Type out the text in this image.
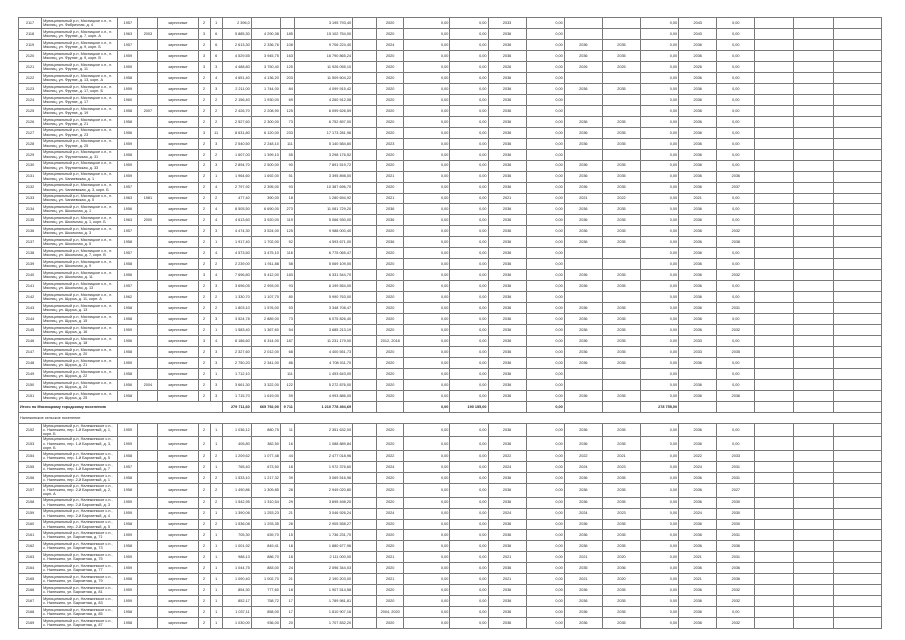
2117	Муниципальный р-н, Мясницкое с.п., п. Мясниц, ул. Фабричная, д. 4	1957		кирпичные	2	1	2 396,0			3 195 793,40		2020	0,00	0,00	2033	0,00			0,00	2043	0,00			
2118	Муниципальный р-н, Мясницкое с.п., п. Мясниц, ул. Фрунзе, д. 7, корп. А	1963	2003	кирпичные	3	6	5 885,30	4 290,38	185	15 102 754,00		2020	0,00	0,00	2036	0,00			0,00	2043	0,00			
2119	Муниципальный р-н, Мясницкое с.п., п. Мясниц, ул. Фрунзе, д. 9, корп. Б	1957		кирпичные	2	6	2 613,30	2 336,76	108	9 706 224,40		2024	0,00	0,00	2036	0,00	2036	2035	0,00	2036	0,00			
2120	Муниципальный р-н, Мясницкое с.п., п. Мясниц, ул. Фрунзе, д. 9, корп. В	1959		кирпичные	3	6	4 529,55	3 945,75	163	16 790 865,24		2020	0,00	0,00	2036	0,00	2036	2035	0,00	2036	0,00			
2121	Муниципальный р-н, Мясницкое с.п., п. Мясниц, ул. Фрунзе, д. 11	1959		кирпичные	3	3	4 488,80	3 750,40	125	11 926 055,10		2020	0,00	0,00	2026	0,00	2026	2025	0,00	2026	0,00			
2122	Муниципальный р-н, Мясницкое с.п., п. Мясниц, ул. Фрунзе, д. 13, корп. А	1958		кирпичные	2	4	4 651,40	4 136,20	203	11 509 604,22		2020	0,00	0,00	2036	0,00			0,00	2036	0,00			
2123	Муниципальный р-н, Мясницкое с.п., п. Мясниц, ул. Фрунзе, д. 17, корп. Б	1959		кирпичные	2	3	2 211,00	1 744,00	84	4 099 915,42		2020	0,00	0,00	2036	0,00	2036	2035	0,00	2036	0,00			
2124	Муниципальный р-н, Мясницкое с.п., п. Мясниц, ул. Фрунзе, д. 17	1960		кирпичные	2	2	2 156,40	1 930,00	69	4 260 912,08		2020	0,00	0,00	2036	0,00			0,00	2036	0,00			
2125	Муниципальный р-н, Мясницкое с.п., п. Мясниц, ул. Фрунзе, д. 19	1958	2007	кирпичные	2	2	2 426,70	2 208,90	125	6 099 626,59		2020	0,00	0,00	2036	0,00			0,00	2036	0,00			
2126	Муниципальный р-н, Мясницкое с.п., п. Мясниц, ул. Фрунзе, д. 21	1958		кирпичные	2	2	2 527,60	2 300,00	73	6 752 897,00		2020	0,00	0,00	2036	0,00	2036	2035	0,00	2036	0,00			
2127	Муниципальный р-н, Мясницкое с.п., п. Мясниц, ул. Фрунзе, д. 23	1956		кирпичные	3	11	8 631,80	6 120,00	233	17 173 281,96		2020	0,00	0,00	2036	0,00	2036	2035	0,00	2036	0,00			
2128	Муниципальный р-н, Мясницкое с.п., п. Мясниц, ул. Фрунзе, д. 25	1959		кирпичные	2	3	2 540,50	2 248,10	111	5 140 584,60		2023	0,00	0,00	2036	0,00	2036	2035	0,00	2036	0,00			
2129	Муниципальный р-н, Мясницкое с.п., п. Мясниц, ул. Фрунзенская, д. 31	1958		кирпичные	2	2	1 607,00	1 399,10	55	3 298 176,52		2020	0,00	0,00	2036	0,00			0,00	2036	0,00			
2130	Муниципальный р-н, Мясницкое с.п., п. Мясниц, ул. Фрунзенская, д. 33	1959		кирпичные	2	3	2 894,70	2 500,00	90	7 891 519,72		2020	0,00	0,00	2036	0,00	2036	2035	0,00	2036	0,00			
2131	Муниципальный р-н, Мясницкое с.п., п. Мясниц, ул. Чапаевская, д. 1	1959		кирпичные	2	1	1 964,60	1 692,00	51	3 395 898,00		2021	0,00	0,00	2036	0,00	2036	2035	0,00	2036	2036			
2132	Муниципальный р-н, Мясницкое с.п., п. Мясниц, ул. Чапаевская, д. 3, корп. Б	1957		кирпичные	2	4	2 797,92	2 395,00	93	10 387 696,70		2020	0,00	0,00	2036	0,00	2036	2035	0,00	2036	2037			
2133	Муниципальный р-н, Мясницкое с.п., п. Мясниц, ул. Чапаевская, д. 5	1963	1981	кирпичные	2	2	477,40	390,00	18	1 280 694,92		2021	0,00	0,00	2021	0,00	2021	2022	0,00	2021	0,00			
2134	Муниципальный р-н, Мясницкое с.п., п. Мясниц, ул. Школьная, д. 1	1956		кирпичные	2	4	8 505,50	6 690,00	273	11 081 729,20		2036	0,00	0,00	2036	0,00	2036	2035	0,00	2036	0,00			
2135	Муниципальный р-н, Мясницкое с.п., п. Мясниц, ул. Школьная, д. 1, корп. Б	1963	2000	кирпичные	2	4	4 613,60	3 920,00	119	5 066 930,00		2036	0,00	0,00	2036	0,00	2036	2035	0,00	2036	0,00			
2136	Муниципальный р-н, Мясницкое с.п., п. Мясниц, ул. Школьная, д. 3	1957		кирпичные	2	3	4 474,30	3 524,00	125	9 988 000,40		2020	0,00	0,00	2036	0,00	2036	2035	0,00	2036	2032			
2137	Муниципальный р-н, Мясницкое с.п., п. Мясниц, ул. Школьная, д. 5	1958		кирпичные	2	1	1 917,40	1 702,00	52	4 593 671,00		2036	0,00	0,00	2036	0,00	2036	2035	0,00	2036	2038			
2138	Муниципальный р-н, Мясницкое с.п., п. Мясниц, ул. Школьная, д. 7, корп. В	1957		кирпичные	2	4	4 573,50	3 475,10	116	6 775 065,47		2020	0,00	0,00	2036	0,00			0,00	2036	0,00			
2139	Муниципальный р-н, Мясницкое с.п., п. Мясниц, ул. Школьная, д. 9	1958		кирпичные	2	2	2 239,00	1 911,88	58	5 069 109,00		2020	0,00	0,00	2036	0,00			0,00	2036	0,00			
2140	Муниципальный р-н, Мясницкое с.п., п. Мясниц, ул. Школьная, д. 11	1956		кирпичные	3	4	7 696,80	5 412,00	183	6 331 544,70		2020	0,00	0,00	2036	0,00	2036	2035	0,00	2036	2032			
2141	Муниципальный р-н, Мясницкое с.п., п. Мясниц, ул. Школьная, д. 13	1957		кирпичные	2	3	3 696,05	2 993,00	93	6 199 554,00		2020	0,00	0,00	2036	0,00	2036	2035	0,00	2036	0,00			
2142	Муниципальный р-н, Мясницкое с.п., п. Мясниц, ул. Щорса, д. 11, корп. А	1962		кирпичные	2	2	1 330,70	1 107,70	80	5 990 763,00		2020	0,00	0,00	2036	0,00			0,00	2036	0,00			
2143	Муниципальный р-н, Мясницкое с.п., п. Мясниц, ул. Щорса, д. 13	1958		кирпичные	2	2	1 803,10	1 576,00	53	3 348 708,47		2020	0,00	0,00	2036	0,00	2036	2035	0,00	2036	2031			
2144	Муниципальный р-н, Мясницкое с.п., п. Мясниц, ул. Щорса, д. 15	1958		кирпичные	2	3	3 524,78	2 889,00	73	6 075 826,40		2020	0,00	0,00	2036	0,00	2036	2035	0,00	2036	0,00			
2145	Муниципальный р-н, Мясницкое с.п., п. Мясниц, ул. Щорса, д. 16	1959		кирпичные	2	1	1 583,40	1 367,60	54	3 685 213,19		2020	0,00	0,00	2036	0,00	2036	2035	0,00	2036	2032			
2146	Муниципальный р-н, Мясницкое с.п., п. Мясниц, ул. Щорса, д. 18	1956		кирпичные	3	4	8 186,60	6 314,00	187	11 231 179,00		2012, 2018	0,00	0,00	2036	0,00	2036	2035	0,00	2033	0,00			
2147	Муниципальный р-н, Мясницкое с.п., п. Мясниц, ул. Щорса, д. 20	1958		кирпичные	2	3	2 327,60	2 012,00	68	4 400 551,73		2020	0,00	0,00	2036	0,00	2036	2035	0,00	2033	2035			
2148	Муниципальный р-н, Мясницкое с.п., п. Мясниц, ул. Щорса, д. 21	1959		кирпичные	2	3	2 750,20	2 341,00	86	4 708 011,70		2020	0,00	0,00	2036	0,00	2036	2035	0,00	2036	0,00			
2149	Муниципальный р-н, Мясницкое с.п., п. Мясниц, ул. Щорса, д. 22	1958		кирпичные	2	1	1 712,10		111	1 493 643,00		2020	0,00	0,00	2036	0,00			0,00		0,00			
2150	Муниципальный р-н, Мясницкое с.п., п. Мясниц, ул. Щорса, д. 24	1956	2004	кирпичные	2	3	3 661,30	3 322,00	122	5 272 876,00		2020	0,00	0,00	2036	0,00			0,00	2036	0,00			
2151	Муниципальный р-н, Мясницкое с.п., п. Мясниц, ул. Щорса, д. 25	1958		кирпичные	2	3	1 715,70	1 619,00	59	4 993 886,00		2020	0,00	0,00	2036	0,00	2036	2035	0,00	2036	2036			
Итого по Мясницкому городскому поселению							279 711,60	665 792,00	9 711	1 210 778 494,69			0,00	190 155,00		0,00			278 755,00					
Належинское сельское поселение																								
2152	Муниципальный р-н, Належинское с.п., с. Належино, пер. 1-й Бархатный, д. 1, корп. Б	1959		кирпичные	2	1	1 036,12	880,75	11	2 351 632,00		2020	0,00	0,00	2036	0,00	2036	2035	0,00	2036	0,00			
2153	Муниципальный р-н, Належинское с.п., с. Належино, пер. 1-й Бархатный, д. 3, корп. Б	1959		кирпичные	2	1	405,80	382,50	16	1 088 889,84		2020	0,00	0,00	2036	0,00	2036	2035	0,00	2036	0,00			
2154	Муниципальный р-н, Належинское с.п., с. Належино, пер. 1-й Бархатный, д. 5	1958		кирпичные	2	2	1 209,62	1 077,48	44	2 477 018,96		2022	0,00	0,00	2022	0,00	2022	2021	0,00	2022	2033			
2155	Муниципальный р-н, Належинское с.п., с. Належино, пер. 1-й Бархатный, д. 7	1957		кирпичные	2	1	765,40	673,50	18	1 972 376,60		2024	0,00	0,00	2024	0,00	2024	2023	0,00	2024	2031			
2156	Муниципальный р-н, Належинское с.п., с. Належино, пер. 2-й Бархатный, д. 1	1958		кирпичные	2	2	1 533,10	1 217,32	39	3 069 516,96		2020	0,00	0,00	2036	0,00	2036	2035	0,00	2036	2031			
2157	Муниципальный р-н, Належинское с.п., с. Належино, пер. 2-й Бархатный, д. 2, корп. А	1958		кирпичные	2	2	1 490,86	1 309,85	28	2 949 020,80		2020	0,00	0,00	2036	0,00	2036	2035	0,00	2036	2027			
2158	Муниципальный р-н, Належинское с.п., с. Належино, пер. 2-й Бархатный, д. 3	1959		кирпичные	2	2	1 542,95	1 310,54	29	3 695 498,20		2020	0,00	0,00	2036	0,00	2036	2035	0,00	2036	2030			
2159	Муниципальный р-н, Належинское с.п., с. Належино, пер. 2-й Бархатный, д. 4	1959		кирпичные	2	1	1 390,06	1 253,23	21	3 046 926,24		2024	0,00	0,00	2024	0,00	2024	2023	0,00	2024	2030			
2160	Муниципальный р-н, Належинское с.п., с. Належино, пер. 2-й Бархатный, д. 5	1958		кирпичные	2	2	1 536,08	1 293,35	28	2 905 558,27		2020	0,00	0,00	2036	0,00	2036	2035	0,00	2036	2030			
2161	Муниципальный р-н, Належинское с.п., с. Належино, ул. Бархатная, д. 71	1959		кирпичные	2	1	705,30	639,70	15	1 736 231,70		2020	0,00	0,00	2036	0,00	2036	2035	0,00	2036	2031			
2162	Муниципальный р-н, Належинское с.п., с. Належино, ул. Бархатная, д. 73	1958		кирпичные	2	1	1 001,92	849,41	18	1 880 677,96		2020	0,00	0,00	2036	0,00	2036	2035	0,00	2036	2036			
2163	Муниципальный р-н, Належинское с.п., с. Належино, ул. Бархатная, д. 75	1959		кирпичные	2	1	988,13	886,70	18	2 111 000,00		2021	0,00	0,00	2021	0,00	2021	2020	0,00	2021	2031			
2164	Муниципальный р-н, Належинское с.п., с. Належино, ул. Бархатная, д. 77	1959		кирпичные	2	1	1 044,75	883,00	24	2 096 344,03		2020	0,00	0,00	2036	0,00	2035	2036	0,00	2036	2036			
2165	Муниципальный р-н, Належинское с.п., с. Належино, ул. Бархатная, д. 79	1958		кирпичные	2	1	1 090,40	1 002,70	21	2 190 203,00		2021	0,00	0,00	2021	0,00	2021	2020	0,00	2021	2036			
2166	Муниципальный р-н, Належинское с.п., с. Належино, ул. Бархатная, д. 81	1959		кирпичные	2	1	854,30	777,60	18	1 907 514,58		2020	0,00	0,00	2036	0,00	2036	2035	0,00	2036	2032			
2167	Муниципальный р-н, Належинское с.п., с. Належино, ул. Бархатная, д. 83	1959		кирпичные	2	1	852,17	758,72	17	1 789 981,81		2020	0,00	0,00	2036	0,00	2036	2035	0,00	2036	2032			
2168	Муниципальный р-н, Належинское с.п., с. Належино, ул. Бархатная, д. 85	1958		кирпичные	2	1	1 037,11	858,00	17	1 810 907,16		2004, 2020	0,00	0,00	2036	0,00	2036	2035	0,00	2036	0,00			
2169	Муниципальный р-н, Належинское с.п., с. Належино, ул. Бархатная, д. 87	1958		кирпичные	2	1	1 030,00	936,00	20	1 707 832,20		2020	0,00	0,00	2036	0,00	2036	2035	0,00	2036	2032			
